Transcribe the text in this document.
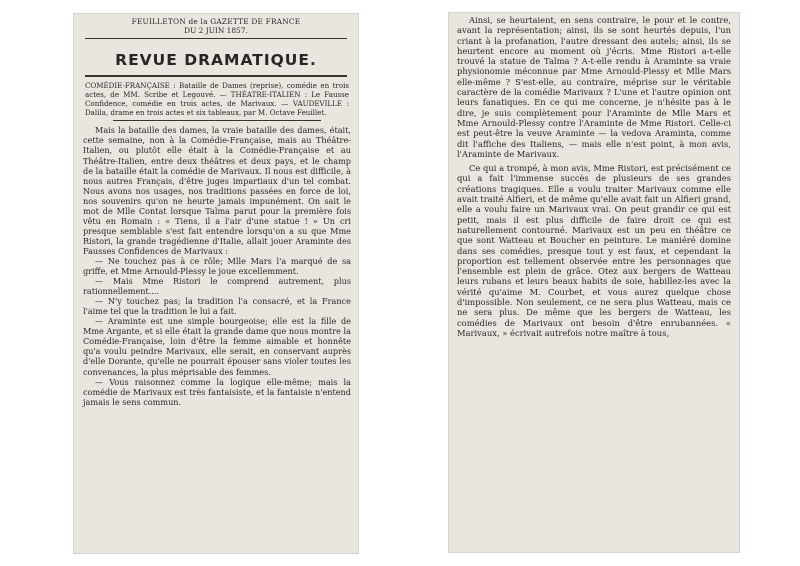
FEUILLETON de la GAZETTE DE FRANCE
DU 2 JUIN 1857.
REVUE DRAMATIQUE.
COMÉDIE-FRANÇAISE : Bataille de Dames (reprise), comédie en trois actes, de MM. Scribe et Legouvé. — THÉATRE-ITALIEN : Le Fausse Confidence, comédie en trois actes, de Marivaux. — VAUDEVILLE : Dalila, drame en trois actes et six tableaux, par M. Octave Feuillet.

Mais la bataille des dames, la vraie bataille des dames, était, cette semaine, non à la Comédie-Française, mais au Théâtre-Italien, ou plutôt elle était à la Comédie-Française et au Théâtre-Italien, entre deux théâtres et deux pays, et le champ de la bataille était la comédie de Marivaux. Il nous est difficile, à nous autres Français, d'être juges impartiaux d'un tel combat. Nous avons nos usages, nos traditions passées en force de loi, nos souvenirs qu'on ne heurte jamais impunément. On sait le mot de Mlle Contat lorsque Talma parut pour la première fois vêtu en Romain : « Tiens, il a l'air d'une statue ! » Un cri presque semblable s'est fait entendre lorsqu'on a su que Mme Ristori, la grande tragédienne d'Italie, allait jouer Araminte des Fausses Confidences de Marivaux :

— Ne touchez pas à ce rôle; Mlle Mars l'a marqué de sa griffe, et Mme Arnould-Plessy le joue excellemment.

— Mais Mme Ristori le comprend autrement, plus rationnellement....

— N'y touchez pas; la tradition l'a consacré, et la France l'aime tel que la tradition le lui a fait.

— Araminte est une simple bourgeoise; elle est la fille de Mme Argante, et si elle était la grande dame que nous montre la Comédie-Française, loin d'être la femme aimable et honnête qu'a voulu peindre Marivaux, elle serait, en conservant auprès d'elle Dorante, qu'elle ne pourrait épouser sans violer toutes les convenances, la plus méprisable des femmes.

— Vous raisonnez comme la logique elle-même; mais la comédie de Marivaux est très fantaisiste, et la fantaisie n'entend jamais le sens commun.

Ainsi, se heurtaient, en sens contraire, le pour et le contre, avant la représentation; ainsi, ils se sont heurtés depuis, l'un criant à la profanation, l'autre dressant des autels; ainsi, ils se heurtent encore au moment où j'écris. Mme Ristori a-t-elle trouvé la statue de Talma ? A-t-elle rendu à Araminte sa vraie physionomie méconnue par Mme Arnould-Plessy et Mlle Mars elle-même ? S'est-elle, au contraire, méprise sur le véritable caractère de la comédie Marivaux ? L'une et l'autre opinion ont leurs fanatiques. En ce qui me concerne, je n'hésite pas à le dire, je suis complètement pour l'Araminte de Mlle Mars et Mme Arnould-Plessy contre l'Araminte de Mme Ristori. Celle-ci est peut-être la veuve Araminte — la vedova Araminta, comme dit l'affiche des Italiens, — mais elle n'est point, à mon avis, l'Araminte de Marivaux.

Ce qui a trompé, à mon avis, Mme Ristori, est précisément ce qui a fait l'immense succès de plusieurs de ses grandes créations tragiques. Elle a voulu traiter Marivaux comme elle avait traité Alfieri, et de même qu'elle avait fait un Alfieri grand, elle a voulu faire un Marivaux vrai. On peut grandir ce qui est petit, mais il est plus difficile de faire droit ce qui est naturellement contourné. Marivaux est un peu en théâtre ce que sont Watteau et Boucher en peinture. Le maniéré domine dans ses comédies, presque tout y est faux, et cependant la proportion est tellement observée entre les personnages que l'ensemble est plein de grâce. Otez aux bergers de Watteau leurs rubans et leurs beaux habits de soie, habillez-les avec la vérité qu'aime M. Courbet, et vous aurez quelque chose d'impossible. Non seulement, ce ne sera plus Watteau, mais ce ne sera plus. De même que les bergers de Watteau, les comédies de Marivaux ont besoin d'être enrubannées. « Marivaux, » écrivait autrefois notre maître à tous,
